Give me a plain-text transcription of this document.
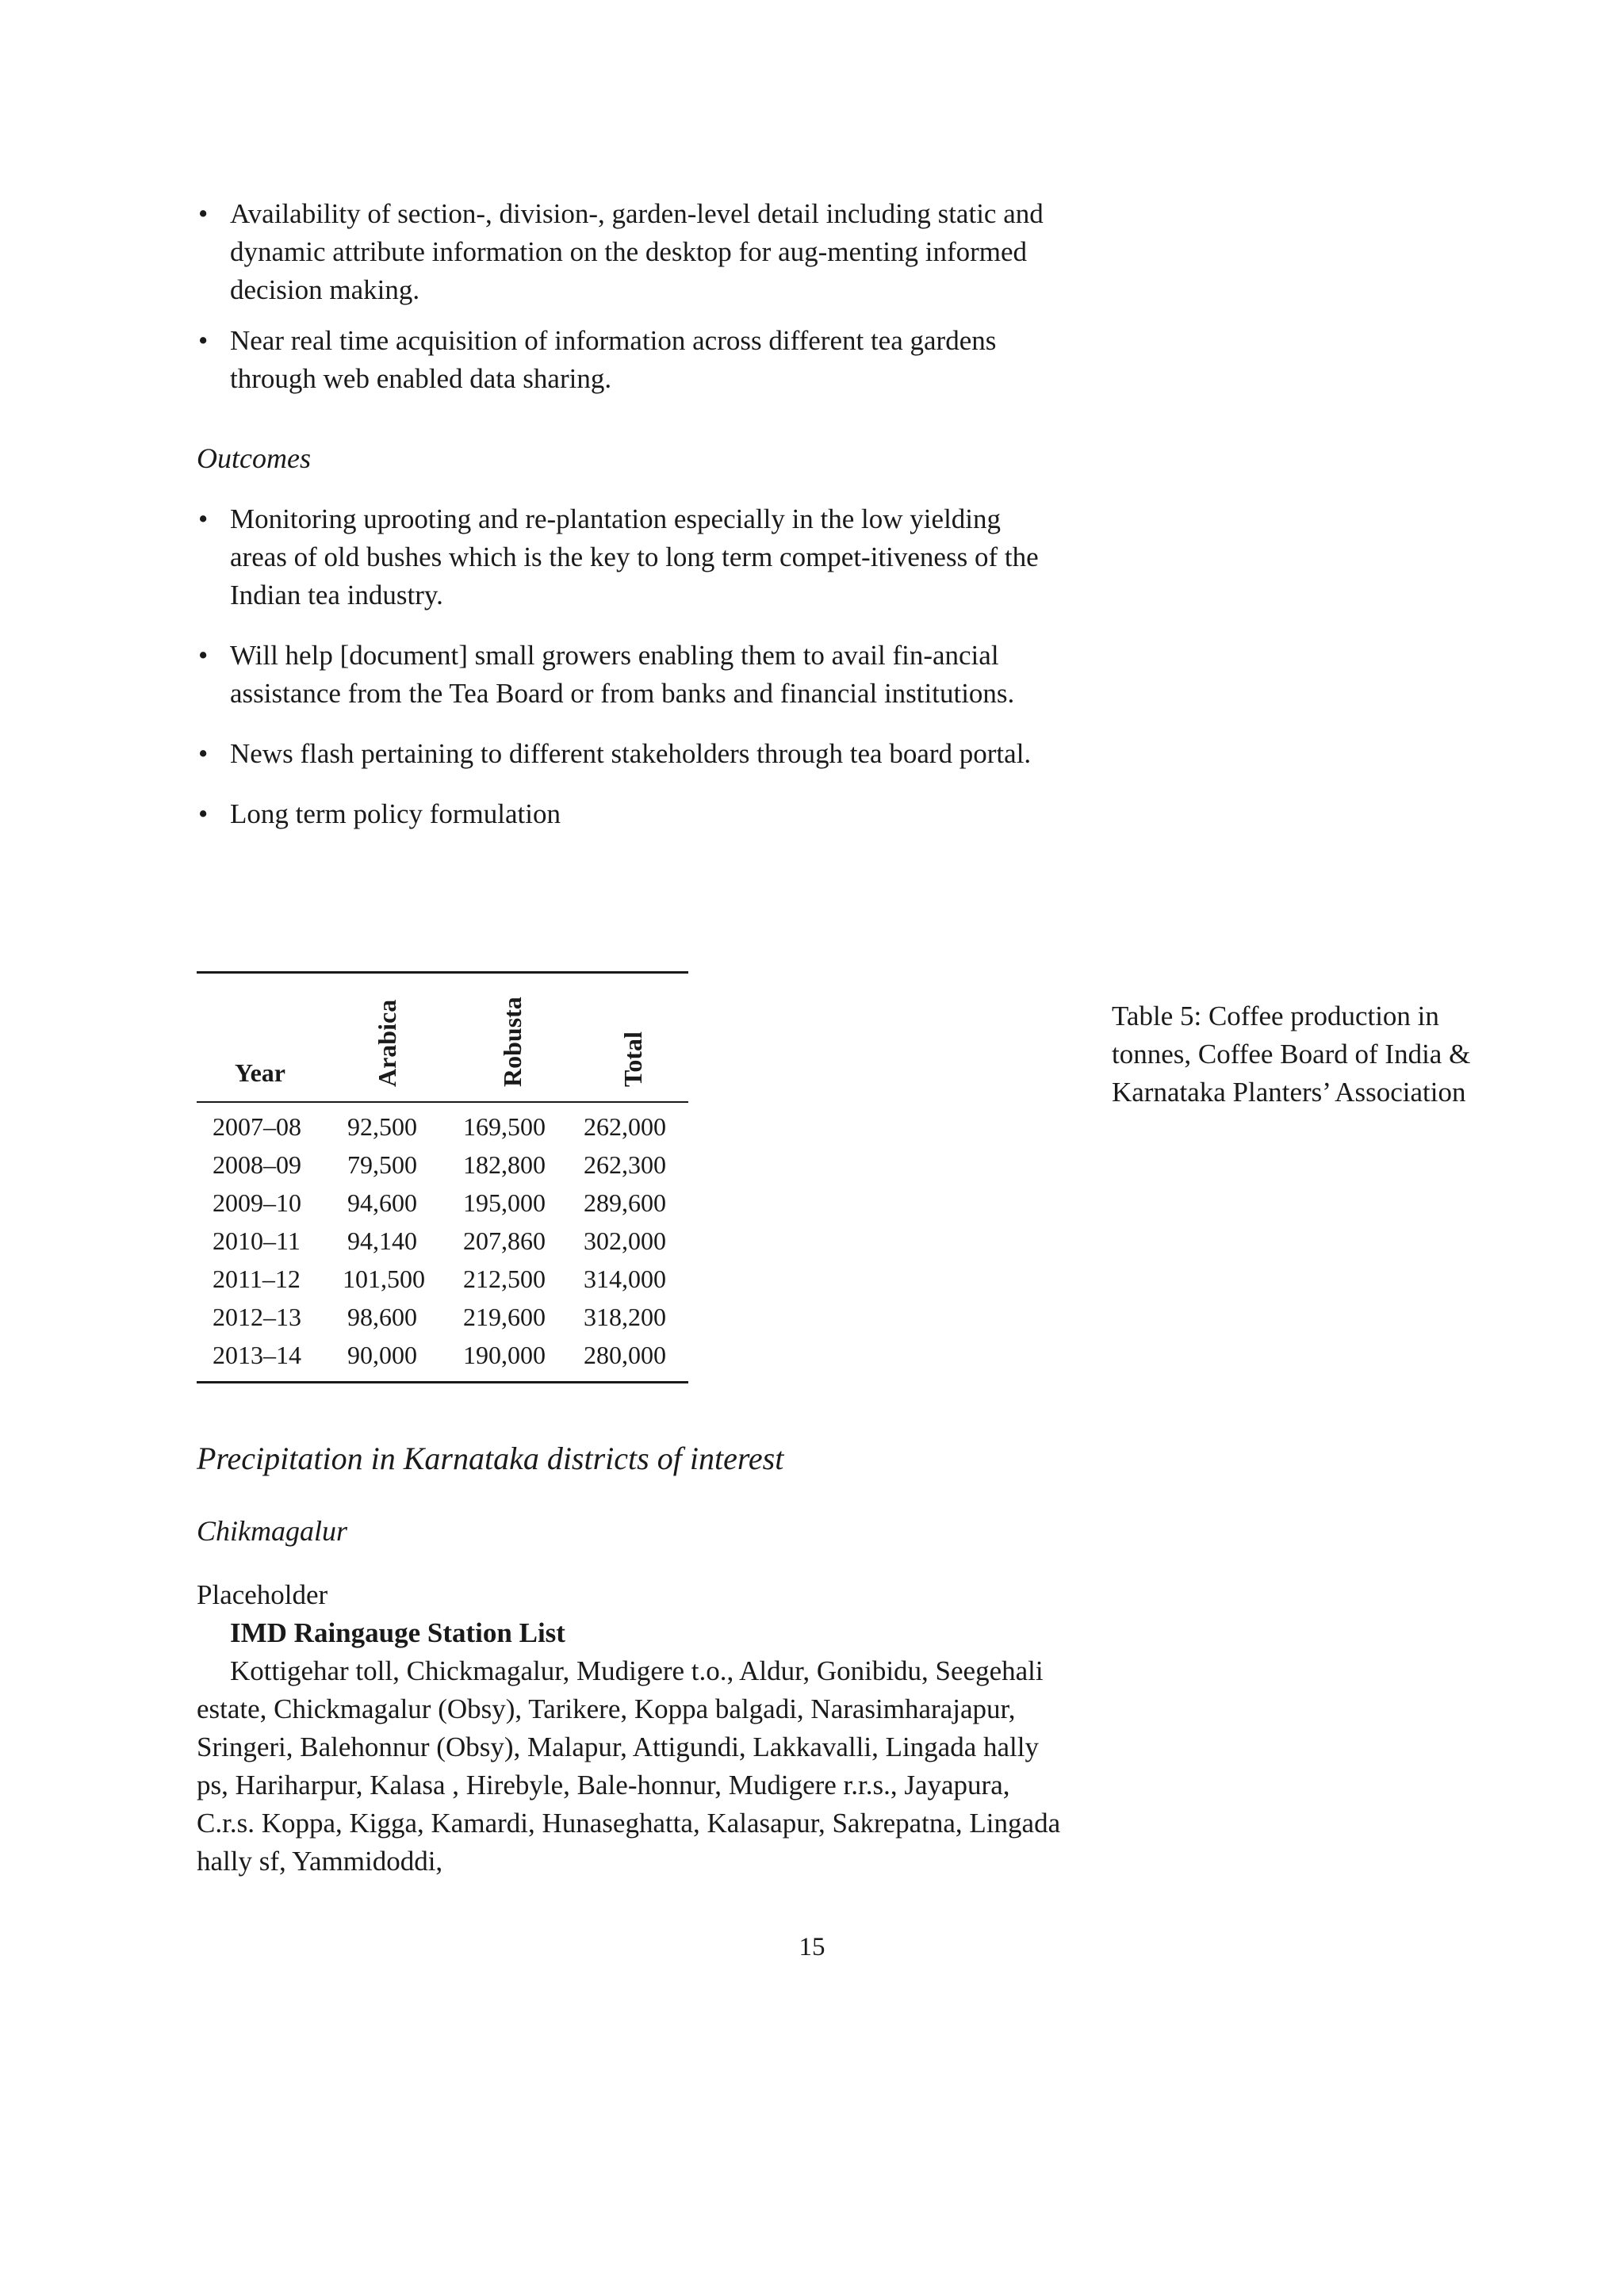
• Availability of section-, division-, garden-level detail including static and dynamic attribute information on the desktop for aug-menting informed decision making.
• Near real time acquisition of information across different tea gardens through web enabled data sharing.
Outcomes
• Monitoring uprooting and re-plantation especially in the low yielding areas of old bushes which is the key to long term compet-itiveness of the Indian tea industry.
• Will help [document] small growers enabling them to avail fin-ancial assistance from the Tea Board or from banks and financial institutions.
• News flash pertaining to different stakeholders through tea board portal.
• Long term policy formulation
Year	Arabica	Robusta	Total
2007–08 92,500 169,500 262,000
2008–09 79,500 182,800 262,300
2009–10 94,600 195,000 289,600
2010–11 94,140 207,860 302,000
2011–12 101,500 212,500 314,000
2012–13 98,600 219,600 318,200
2013–14 90,000 190,000 280,000
Table 5: Coffee production in tonnes, Coffee Board of India & Karnataka Planters’ Association
Precipitation in Karnataka districts of interest
Chikmagalur
Placeholder
IMD Raingauge Station List
Kottigehar toll, Chickmagalur, Mudigere t.o., Aldur, Gonibidu, Seegehali estate, Chickmagalur (Obsy), Tarikere, Koppa balgadi, Narasimharajapur, Sringeri, Balehonnur (Obsy), Malapur, Attigundi, Lakkavalli, Lingada hally ps, Hariharpur, Kalasa , Hirebyle, Bale-honnur, Mudigere r.r.s., Jayapura, C.r.s. Koppa, Kigga, Kamardi, Hunaseghatta, Kalasapur, Sakrepatna, Lingada hally sf, Yammidoddi,
15
